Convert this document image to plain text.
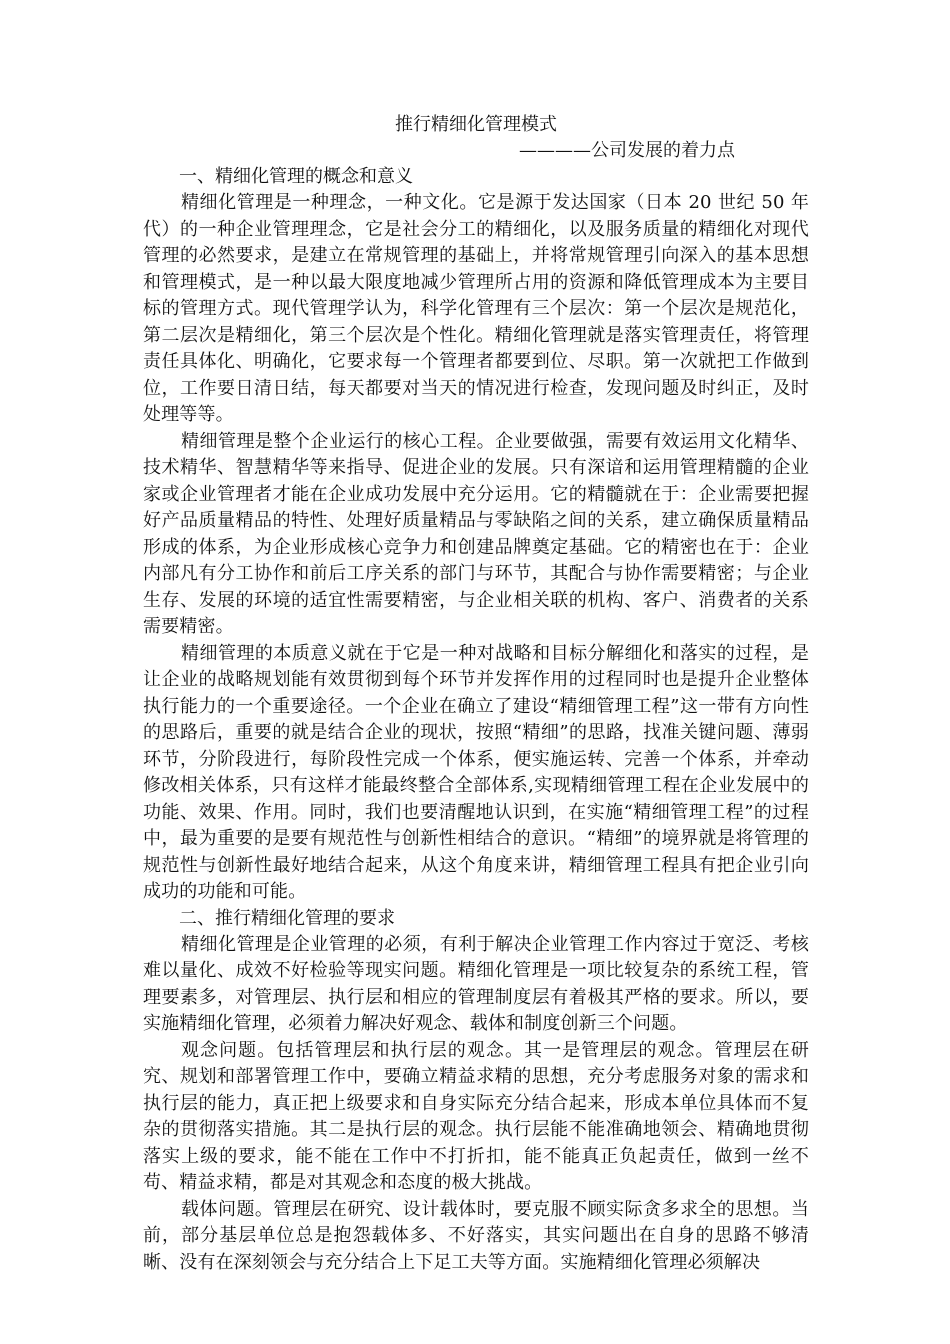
推行精细化管理模式

————公司发展的着力点

一、精细化管理的概念和意义

精细化管理是一种理念，一种文化。它是源于发达国家（日本 20 世纪 50 年代）的一种企业管理理念，它是社会分工的精细化，以及服务质量的精细化对现代管理的必然要求，是建立在常规管理的基础上，并将常规管理引向深入的基本思想和管理模式，是一种以最大限度地减少管理所占用的资源和降低管理成本为主要目标的管理方式。现代管理学认为，科学化管理有三个层次：第一个层次是规范化，第二层次是精细化，第三个层次是个性化。精细化管理就是落实管理责任，将管理责任具体化、明确化，它要求每一个管理者都要到位、尽职。第一次就把工作做到位，工作要日清日结，每天都要对当天的情况进行检查，发现问题及时纠正，及时处理等等。

精细管理是整个企业运行的核心工程。企业要做强，需要有效运用文化精华、技术精华、智慧精华等来指导、促进企业的发展。只有深谙和运用管理精髓的企业家或企业管理者才能在企业成功发展中充分运用。它的精髓就在于：企业需要把握好产品质量精品的特性、处理好质量精品与零缺陷之间的关系，建立确保质量精品形成的体系，为企业形成核心竞争力和创建品牌奠定基础。它的精密也在于：企业内部凡有分工协作和前后工序关系的部门与环节，其配合与协作需要精密；与企业生存、发展的环境的适宜性需要精密，与企业相关联的机构、客户、消费者的关系需要精密。

精细管理的本质意义就在于它是一种对战略和目标分解细化和落实的过程，是让企业的战略规划能有效贯彻到每个环节并发挥作用的过程同时也是提升企业整体执行能力的一个重要途径。一个企业在确立了建设“精细管理工程”这一带有方向性的思路后，重要的就是结合企业的现状，按照“精细”的思路，找准关键问题、薄弱环节，分阶段进行，每阶段性完成一个体系，便实施运转、完善一个体系，并牵动修改相关体系，只有这样才能最终整合全部体系,实现精细管理工程在企业发展中的功能、效果、作用。同时，我们也要清醒地认识到，在实施“精细管理工程”的过程中，最为重要的是要有规范性与创新性相结合的意识。“精细”的境界就是将管理的规范性与创新性最好地结合起来，从这个角度来讲，精细管理工程具有把企业引向成功的功能和可能。

二、推行精细化管理的要求

精细化管理是企业管理的必须，有利于解决企业管理工作内容过于宽泛、考核难以量化、成效不好检验等现实问题。精细化管理是一项比较复杂的系统工程，管理要素多，对管理层、执行层和相应的管理制度层有着极其严格的要求。所以，要实施精细化管理，必须着力解决好观念、载体和制度创新三个问题。

观念问题。包括管理层和执行层的观念。其一是管理层的观念。管理层在研究、规划和部署管理工作中，要确立精益求精的思想，充分考虑服务对象的需求和执行层的能力，真正把上级要求和自身实际充分结合起来，形成本单位具体而不复杂的贯彻落实措施。其二是执行层的观念。执行层能不能准确地领会、精确地贯彻落实上级的要求，能不能在工作中不打折扣，能不能真正负起责任，做到一丝不苟、精益求精，都是对其观念和态度的极大挑战。

载体问题。管理层在研究、设计载体时，要克服不顾实际贪多求全的思想。当前，部分基层单位总是抱怨载体多、不好落实，其实问题出在自身的思路不够清晰、没有在深刻领会与充分结合上下足工夫等方面。实施精细化管理必须解决
